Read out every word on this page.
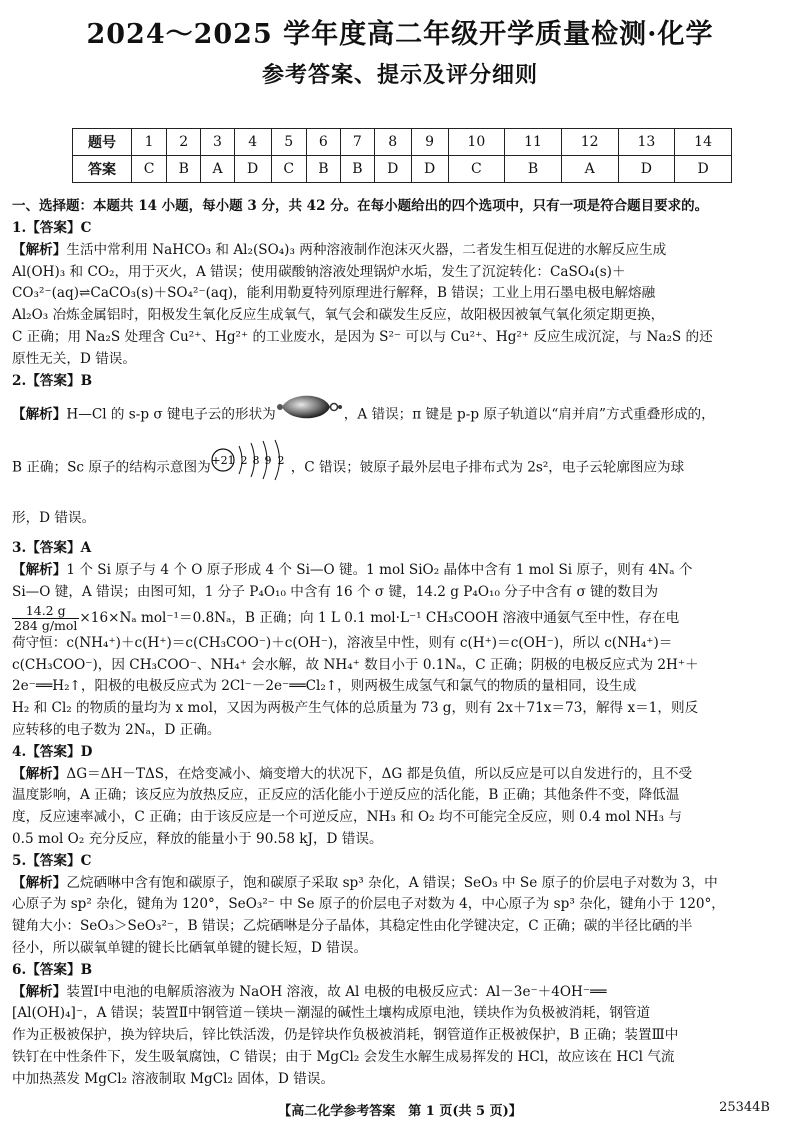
2024～2025 学年度高二年级开学质量检测·化学
参考答案、提示及评分细则
题号	1	2	3	4	5	6	7	8	9	10	11	12	13	14
答案	C	B	A	D	C	B	B	D	D	C	B	A	D	D
一、选择题：本题共 14 小题，每小题 3 分，共 42 分。在每小题给出的四个选项中，只有一项是符合题目要求的。

1.【答案】C

【解析】生活中常利用 NaHCO₃ 和 Al₂(SO₄)₃ 两种溶液制作泡沫灭火器，二者发生相互促进的水解反应生成
Al(OH)₃ 和 CO₂，用于灭火，A 错误；使用碳酸钠溶液处理锅炉水垢，发生了沉淀转化：CaSO₄(s)＋
CO₃²⁻(aq)⇌CaCO₃(s)＋SO₄²⁻(aq)，能利用勒夏特列原理进行解释，B 错误；工业上用石墨电极电解熔融
Al₂O₃ 冶炼金属铝时，阳极发生氧化反应生成氧气，氧气会和碳发生反应，故阳极因被氧气氧化须定期更换，
C 正确；用 Na₂S 处理含 Cu²⁺、Hg²⁺ 的工业废水，是因为 S²⁻ 可以与 Cu²⁺、Hg²⁺ 反应生成沉淀，与 Na₂S 的还
原性无关，D 错误。

2.【答案】B

【解析】H—Cl 的 s-p σ 键电子云的形状为	，A 错误；π 键是 p-p 原子轨道以“肩并肩”方式重叠形成的，
B 正确；Sc 原子的结构示意图为 +21 2 8 9 2 ，C 错误；铍原子最外层电子排布式为 2s²，电子云轮廓图应为球
形，D 错误。

3.【答案】A

【解析】1 个 Si 原子与 4 个 O 原子形成 4 个 Si—O 键。1 mol SiO₂ 晶体中含有 1 mol Si 原子，则有 4Nₐ 个
Si—O 键，A 错误；由图可知，1 分子 P₄O₁₀ 中含有 16 个 σ 键，14.2 g P₄O₁₀ 分子中含有 σ 键的数目为

$\frac{14.2 g}{\text{284 g/mol}} \times 16\times N_a$ mol⁻¹＝0.8Nₐ，B 正确；向 1 L 0.1 mol·L⁻¹ CH₃COOH 溶液中通氨气至中性，存在电
荷守恒：c(NH₄⁺)＋c(H⁺)＝c(CH₃COO⁻)＋c(OH⁻)，溶液呈中性，则有 c(H⁺)＝c(OH⁻)，所以 c(NH₄⁺)＝
c(CH₃COO⁻)，因 CH₃COO⁻、NH₄⁺ 会水解，故 NH₄⁺ 数目小于 0.1Nₐ，C 正确；阴极的电极反应式为 2H⁺＋
2e⁻══H₂↑，阳极的电极反应式为 2Cl⁻－2e⁻══Cl₂↑，则两极生成氢气和氯气的物质的量相同，设生成
H₂ 和 Cl₂ 的物质的量均为 x mol，又因为两极产生气体的总质量为 73 g，则有 2x＋71x＝73，解得 x＝1，则反
应转移的电子数为 2Nₐ，D 正确。

4.【答案】D

【解析】ΔG＝ΔH－TΔS，在焓变减小、熵变增大的状况下，ΔG 都是负值，所以反应是可以自发进行的，且不受
温度影响，A 正确；该反应为放热反应，正反应的活化能小于逆反应的活化能，B 正确；其他条件不变，降低温
度，反应速率减小，C 正确；由于该反应是一个可逆反应，NH₃ 和 O₂ 均不可能完全反应，则 0.4 mol NH₃ 与
0.5 mol O₂ 充分反应，释放的能量小于 90.58 kJ，D 错误。

5.【答案】C

【解析】乙烷硒啉中含有饱和碳原子，饱和碳原子采取 sp³ 杂化，A 错误；SeO₃ 中 Se 原子的价层电子对数为 3，中
心原子为 sp² 杂化，键角为 120°，SeO₃²⁻ 中 Se 原子的价层电子对数为 4，中心原子为 sp³ 杂化，键角小于 120°，
键角大小：SeO₃＞SeO₃²⁻，B 错误；乙烷硒啉是分子晶体，其稳定性由化学键决定，C 正确；碳的半径比硒的半
径小，所以碳氧单键的键长比硒氧单键的键长短，D 错误。

6.【答案】B

【解析】装置Ⅰ中电池的电解质溶液为 NaOH 溶液，故 Al 电极的电极反应式：Al－3e⁻＋4OH⁻══
[Al(OH)₄]⁻，A 错误；装置Ⅱ中钢管道－镁块－潮湿的碱性土壤构成原电池，镁块作为负极被消耗，钢管道
作为正极被保护，换为锌块后，锌比铁活泼，仍是锌块作负极被消耗，钢管道作正极被保护，B 正确；装置Ⅲ中
铁钉在中性条件下，发生吸氧腐蚀，C 错误；由于 MgCl₂ 会发生水解生成易挥发的 HCl，故应该在 HCl 气流
中加热蒸发 MgCl₂ 溶液制取 MgCl₂ 固体，D 错误。

【高二化学参考答案　第 1 页(共 5 页)】	25344B
